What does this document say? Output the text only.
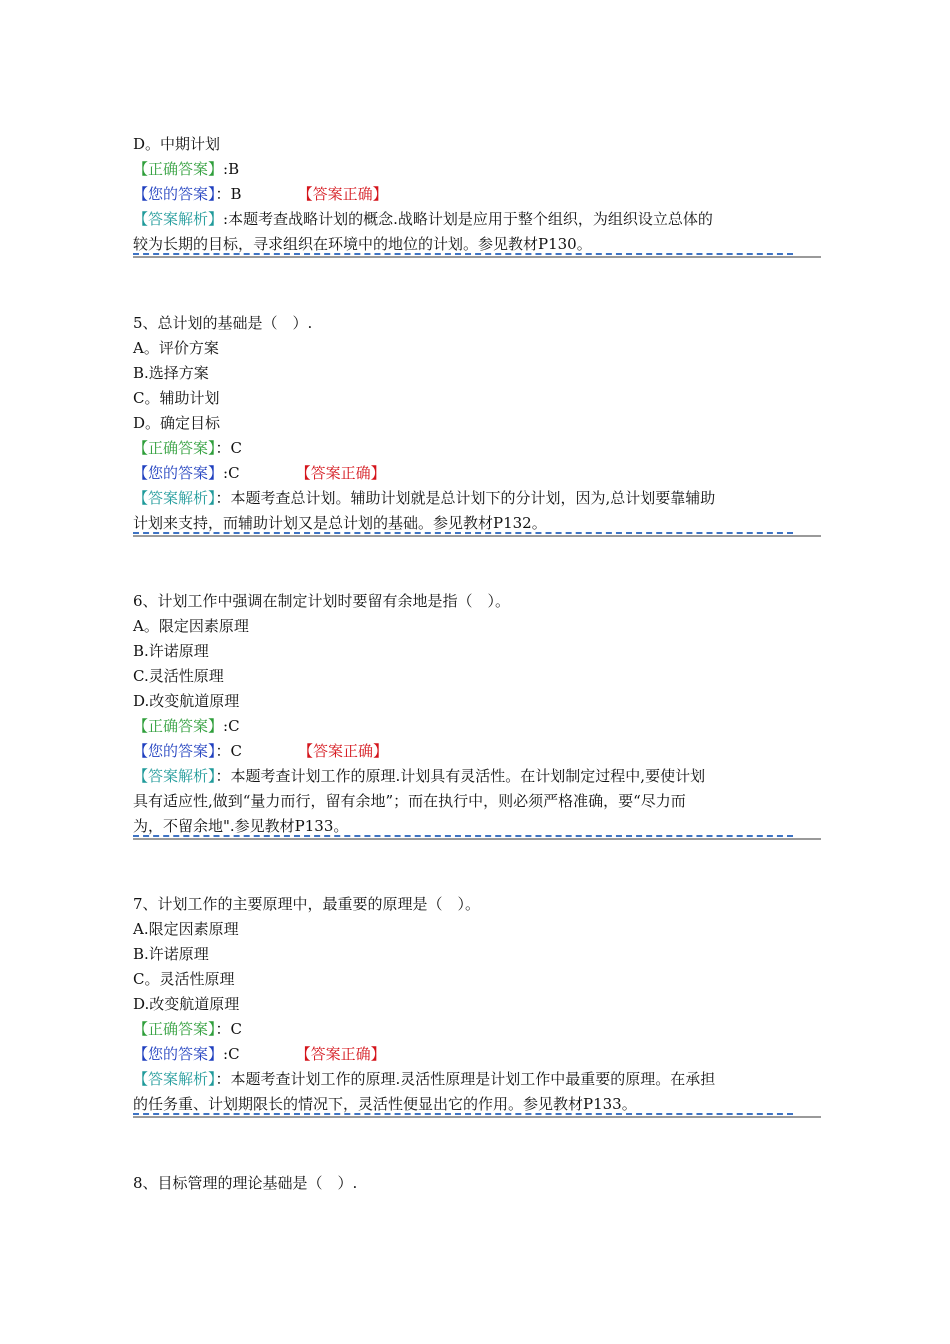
D。中期计划
【正确答案】:B
【您的答案】：B	【答案正确】
【答案解析】:本题考查战略计划的概念.战略计划是应用于整个组织，为组织设立总体的
较为长期的目标，寻求组织在环境中的地位的计划。参见教材P130。
5、总计划的基础是（　）.
A。评价方案
B.选择方案
C。辅助计划
D。确定目标
【正确答案】：C
【您的答案】:C	【答案正确】
【答案解析】：本题考查总计划。辅助计划就是总计划下的分计划，因为,总计划要靠辅助
计划来支持，而辅助计划又是总计划的基础。参见教材P132。
6、计划工作中强调在制定计划时要留有余地是指（　）。
A。限定因素原理
B.许诺原理
C.灵活性原理
D.改变航道原理
【正确答案】:C
【您的答案】：C	【答案正确】
【答案解析】：本题考查计划工作的原理.计划具有灵活性。在计划制定过程中,要使计划
具有适应性,做到“量力而行，留有余地”；而在执行中，则必须严格准确，要“尽力而
为，不留余地".参见教材P133。
7、计划工作的主要原理中，最重要的原理是（　）。
A.限定因素原理
B.许诺原理
C。灵活性原理
D.改变航道原理
【正确答案】：C
【您的答案】:C	【答案正确】
【答案解析】：本题考查计划工作的原理.灵活性原理是计划工作中最重要的原理。在承担
的任务重、计划期限长的情况下，灵活性便显出它的作用。参见教材P133。
8、目标管理的理论基础是（　）.
